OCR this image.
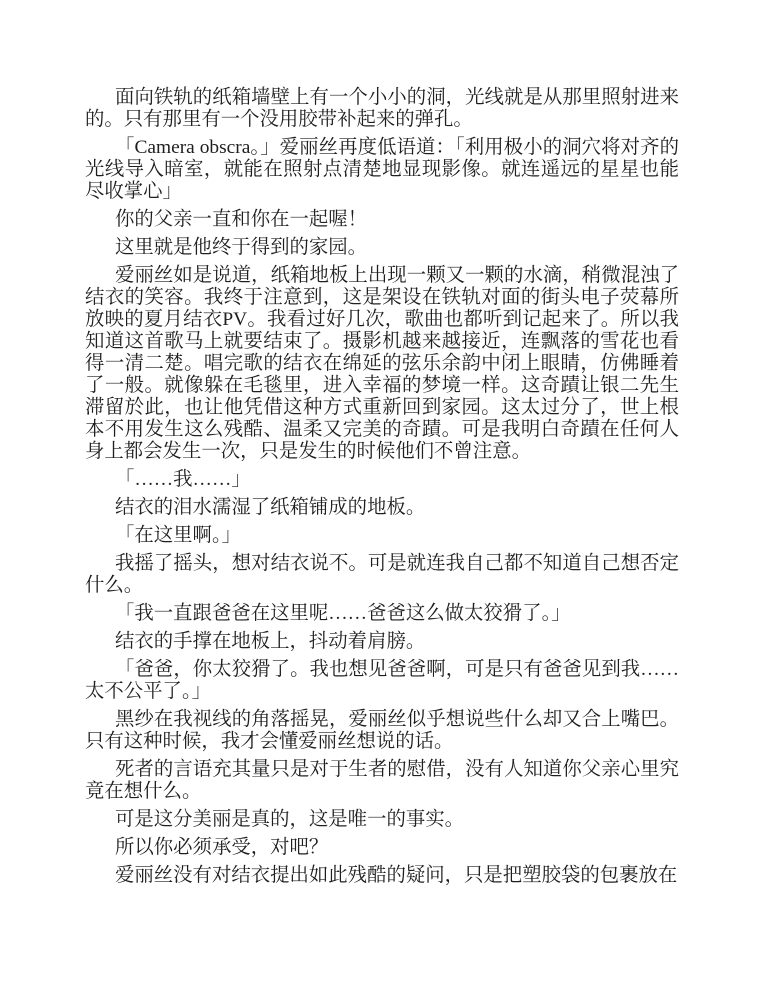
面向铁轨的纸箱墙壁上有一个小小的洞，光线就是从那里照射进来的。只有那里有一个没用胶带补起来的弹孔。

「Camera obscra。」爱丽丝再度低语道：「利用极小的洞穴将对齐的光线导入暗室，就能在照射点清楚地显现影像。就连遥远的星星也能尽收掌心」

你的父亲一直和你在一起喔！

这里就是他终于得到的家园。

爱丽丝如是说道，纸箱地板上出现一颗又一颗的水滴，稍微混浊了结衣的笑容。我终于注意到，这是架设在铁轨对面的街头电子荧幕所放映的夏月结衣PV。我看过好几次，歌曲也都听到记起来了。所以我知道这首歌马上就要结束了。摄影机越来越接近，连飘落的雪花也看得一清二楚。唱完歌的结衣在绵延的弦乐余韵中闭上眼睛，仿佛睡着了一般。就像躲在毛毯里，进入幸福的梦境一样。这奇蹟让银二先生滞留於此，也让他凭借这种方式重新回到家园。这太过分了，世上根本不用发生这么残酷、温柔又完美的奇蹟。可是我明白奇蹟在任何人身上都会发生一次，只是发生的时候他们不曾注意。

「……我……」

结衣的泪水濡湿了纸箱铺成的地板。

「在这里啊。」

我摇了摇头，想对结衣说不。可是就连我自己都不知道自己想否定什么。

「我一直跟爸爸在这里呢……爸爸这么做太狡猾了。」

结衣的手撑在地板上，抖动着肩膀。

「爸爸，你太狡猾了。我也想见爸爸啊，可是只有爸爸见到我……太不公平了。」

黑纱在我视线的角落摇晃，爱丽丝似乎想说些什么却又合上嘴巴。只有这种时候，我才会懂爱丽丝想说的话。

死者的言语充其量只是对于生者的慰借，没有人知道你父亲心里究竟在想什么。

可是这分美丽是真的，这是唯一的事实。

所以你必须承受，对吧？

爱丽丝没有对结衣提出如此残酷的疑问，只是把塑胶袋的包裹放在
